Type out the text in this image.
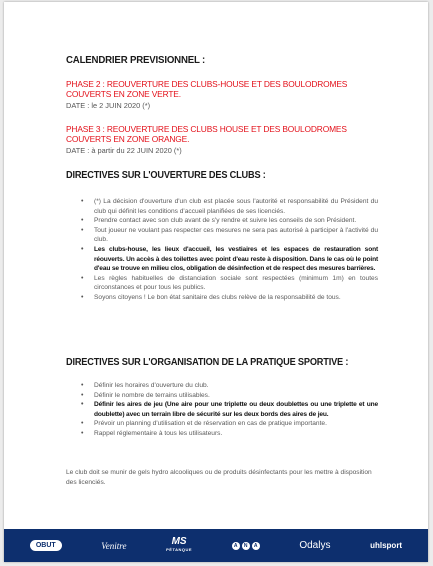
CALENDRIER PREVISIONNEL :
PHASE 2 : REOUVERTURE DES CLUBS-HOUSE ET DES BOULODROMES COUVERTS EN ZONE VERTE.
DATE : le 2 JUIN 2020 (*)
PHASE 3 : REOUVERTURE DES CLUBS HOUSE ET DES BOULODROMES COUVERTS EN ZONE ORANGE.
DATE : à partir du 22 JUIN 2020 (*)
DIRECTIVES SUR L'OUVERTURE DES CLUBS :
• (*) La décision d'ouverture d'un club est placée sous l'autorité et responsabilité du Président du club qui définit les conditions d'accueil planifiées de ses licenciés.
• Prendre contact avec son club avant de s'y rendre et suivre les conseils de son Président.
• Tout joueur ne voulant pas respecter ces mesures ne sera pas autorisé à participer à l'activité du club.
• Les clubs-house, les lieux d'accueil, les vestiaires et les espaces de restauration sont réouverts. Un accès à des toilettes avec point d'eau reste à disposition. Dans le cas où le point d'eau se trouve en milieu clos, obligation de désinfection et de respect des mesures barrières.
• Les règles habituelles de distanciation sociale sont respectées (minimum 1m) en toutes circonstances et pour tous les publics.
• Soyons citoyens ! Le bon état sanitaire des clubs relève de la responsabilité de tous.
DIRECTIVES SUR L'ORGANISATION DE LA PRATIQUE SPORTIVE :
• Définir les horaires d'ouverture du club.
• Définir le nombre de terrains utilisables.
• Définir les aires de jeu (Une aire pour une triplette ou deux doublettes ou une triplette et une doublette) avec un terrain libre de sécurité sur les deux bords des aires de jeu.
• Prévoir un planning d'utilisation et de réservation en cas de pratique importante.
• Rappel réglementaire à tous les utilisateurs.
Le club doit se munir de gels hydro alcooliques ou de produits désinfectants pour les mettre à disposition des licenciés.
OBUT	Venitre	MS
PÉTANQUE
A	N	A	Odalys	uhlsport
